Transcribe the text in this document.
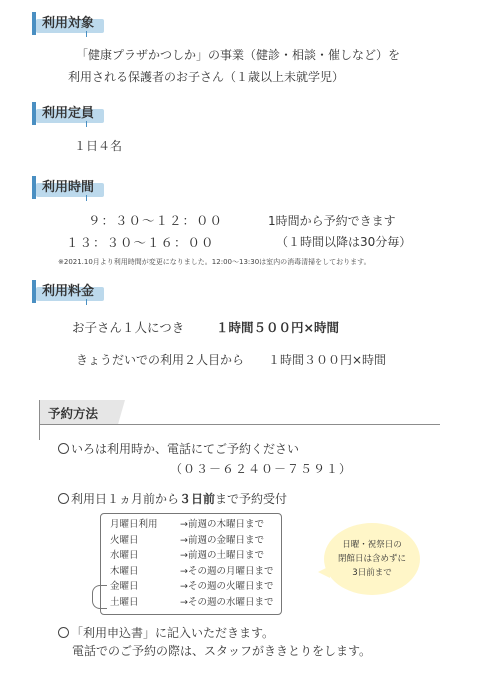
利用対象
「健康プラザかつしか」の事業（健診・相談・催しなど）を
利用される保護者のお子さん（１歳以上未就学児）
利用定員
１日４名
利用時間
９：３０～１２：００
１３：３０～１６：００
1時間から予約できます
（１時間以降は30分毎）
※2021.10月より利用時間が変更になりました。12:00～13:30は室内の消毒清掃をしております。
利用料金
お子さん１人につき	１時間５００円×時間
きょうだいでの利用２人目から １時間３００円×時間
予約方法
いろは利用時か、電話にてご予約ください
（０３－６２４０－７５９１）
利用日１ヵ月前から３日前まで予約受付
月曜日利用 →前週の木曜日まで
火曜日	→前週の金曜日まで
水曜日	→前週の土曜日まで
木曜日	→その週の月曜日まで
金曜日	→その週の火曜日まで
土曜日	→その週の水曜日まで
日曜・祝祭日の
閉館日は含めずに
3日前まで
「利用申込書」に記入いただきます。
電話でのご予約の際は、スタッフがききとりをします。
